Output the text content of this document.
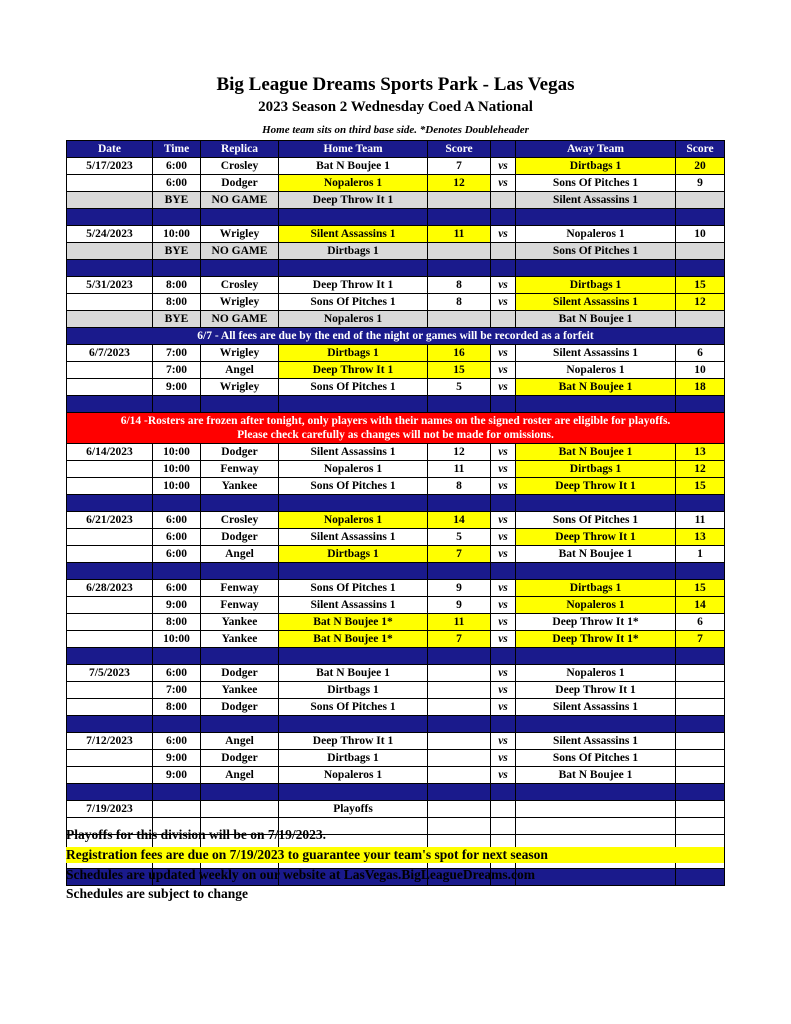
Big League Dreams Sports Park - Las Vegas
2023 Season 2 Wednesday Coed A National
Home team sits on third base side. *Denotes Doubleheader
Date	Time	Replica	Home Team	Score		Away Team	Score
5/17/2023	6:00	Crosley	Bat N Boujee 1	7	vs	Dirtbags 1	20
	6:00	Dodger	Nopaleros 1	12	vs	Sons Of Pitches 1	9
	BYE	NO GAME	Deep Throw It 1			Silent Assassins 1	

5/24/2023	10:00	Wrigley	Silent Assassins 1	11	vs	Nopaleros 1	10
	BYE	NO GAME	Dirtbags 1			Sons Of Pitches 1	

5/31/2023	8:00	Crosley	Deep Throw It 1	8	vs	Dirtbags 1	15
	8:00	Wrigley	Sons Of Pitches 1	8	vs	Silent Assassins 1	12
	BYE	NO GAME	Nopaleros 1			Bat N Boujee 1	
6/7 - All fees are due by the end of the night or games will be recorded as a forfeit							
6/7/2023	7:00	Wrigley	Dirtbags 1	16	vs	Silent Assassins 1	6
	7:00	Angel	Deep Throw It 1	15	vs	Nopaleros 1	10
	9:00	Wrigley	Sons Of Pitches 1	5	vs	Bat N Boujee 1	18

6/14 -Rosters are frozen after tonight, only players with their names on the signed roster are eligible for playoffs.
Please check carefully as changes will not be made for omissions.							

6/14/2023	10:00	Dodger	Silent Assassins 1	12	vs	Bat N Boujee 1	13
	10:00	Fenway	Nopaleros 1	11	vs	Dirtbags 1	12
	10:00	Yankee	Sons Of Pitches 1	8	vs	Deep Throw It 1	15

6/21/2023	6:00	Crosley	Nopaleros 1	14	vs	Sons Of Pitches 1	11
	6:00	Dodger	Silent Assassins 1	5	vs	Deep Throw It 1	13
	6:00	Angel	Dirtbags 1	7	vs	Bat N Boujee 1	1

6/28/2023	6:00	Fenway	Sons Of Pitches 1	9	vs	Dirtbags 1	15
	9:00	Fenway	Silent Assassins 1	9	vs	Nopaleros 1	14
	8:00	Yankee	Bat N Boujee 1*	11	vs	Deep Throw It 1*	6
	10:00	Yankee	Bat N Boujee 1*	7	vs	Deep Throw It 1*	7

7/5/2023	6:00	Dodger	Bat N Boujee 1		vs	Nopaleros 1	
	7:00	Yankee	Dirtbags 1		vs	Deep Throw It 1	
	8:00	Dodger	Sons Of Pitches 1		vs	Silent Assassins 1	

7/12/2023	6:00	Angel	Deep Throw It 1		vs	Silent Assassins 1	
	9:00	Dodger	Dirtbags 1		vs	Sons Of Pitches 1	
	9:00	Angel	Nopaleros 1		vs	Bat N Boujee 1	

7/19/2023			Playoffs				

Playoffs for this division will be on 7/19/2023.
Registration fees are due on 7/19/2023 to guarantee your team's spot for next season
Schedules are updated weekly on our website at LasVegas.BigLeagueDreams.com
Schedules are subject to change
